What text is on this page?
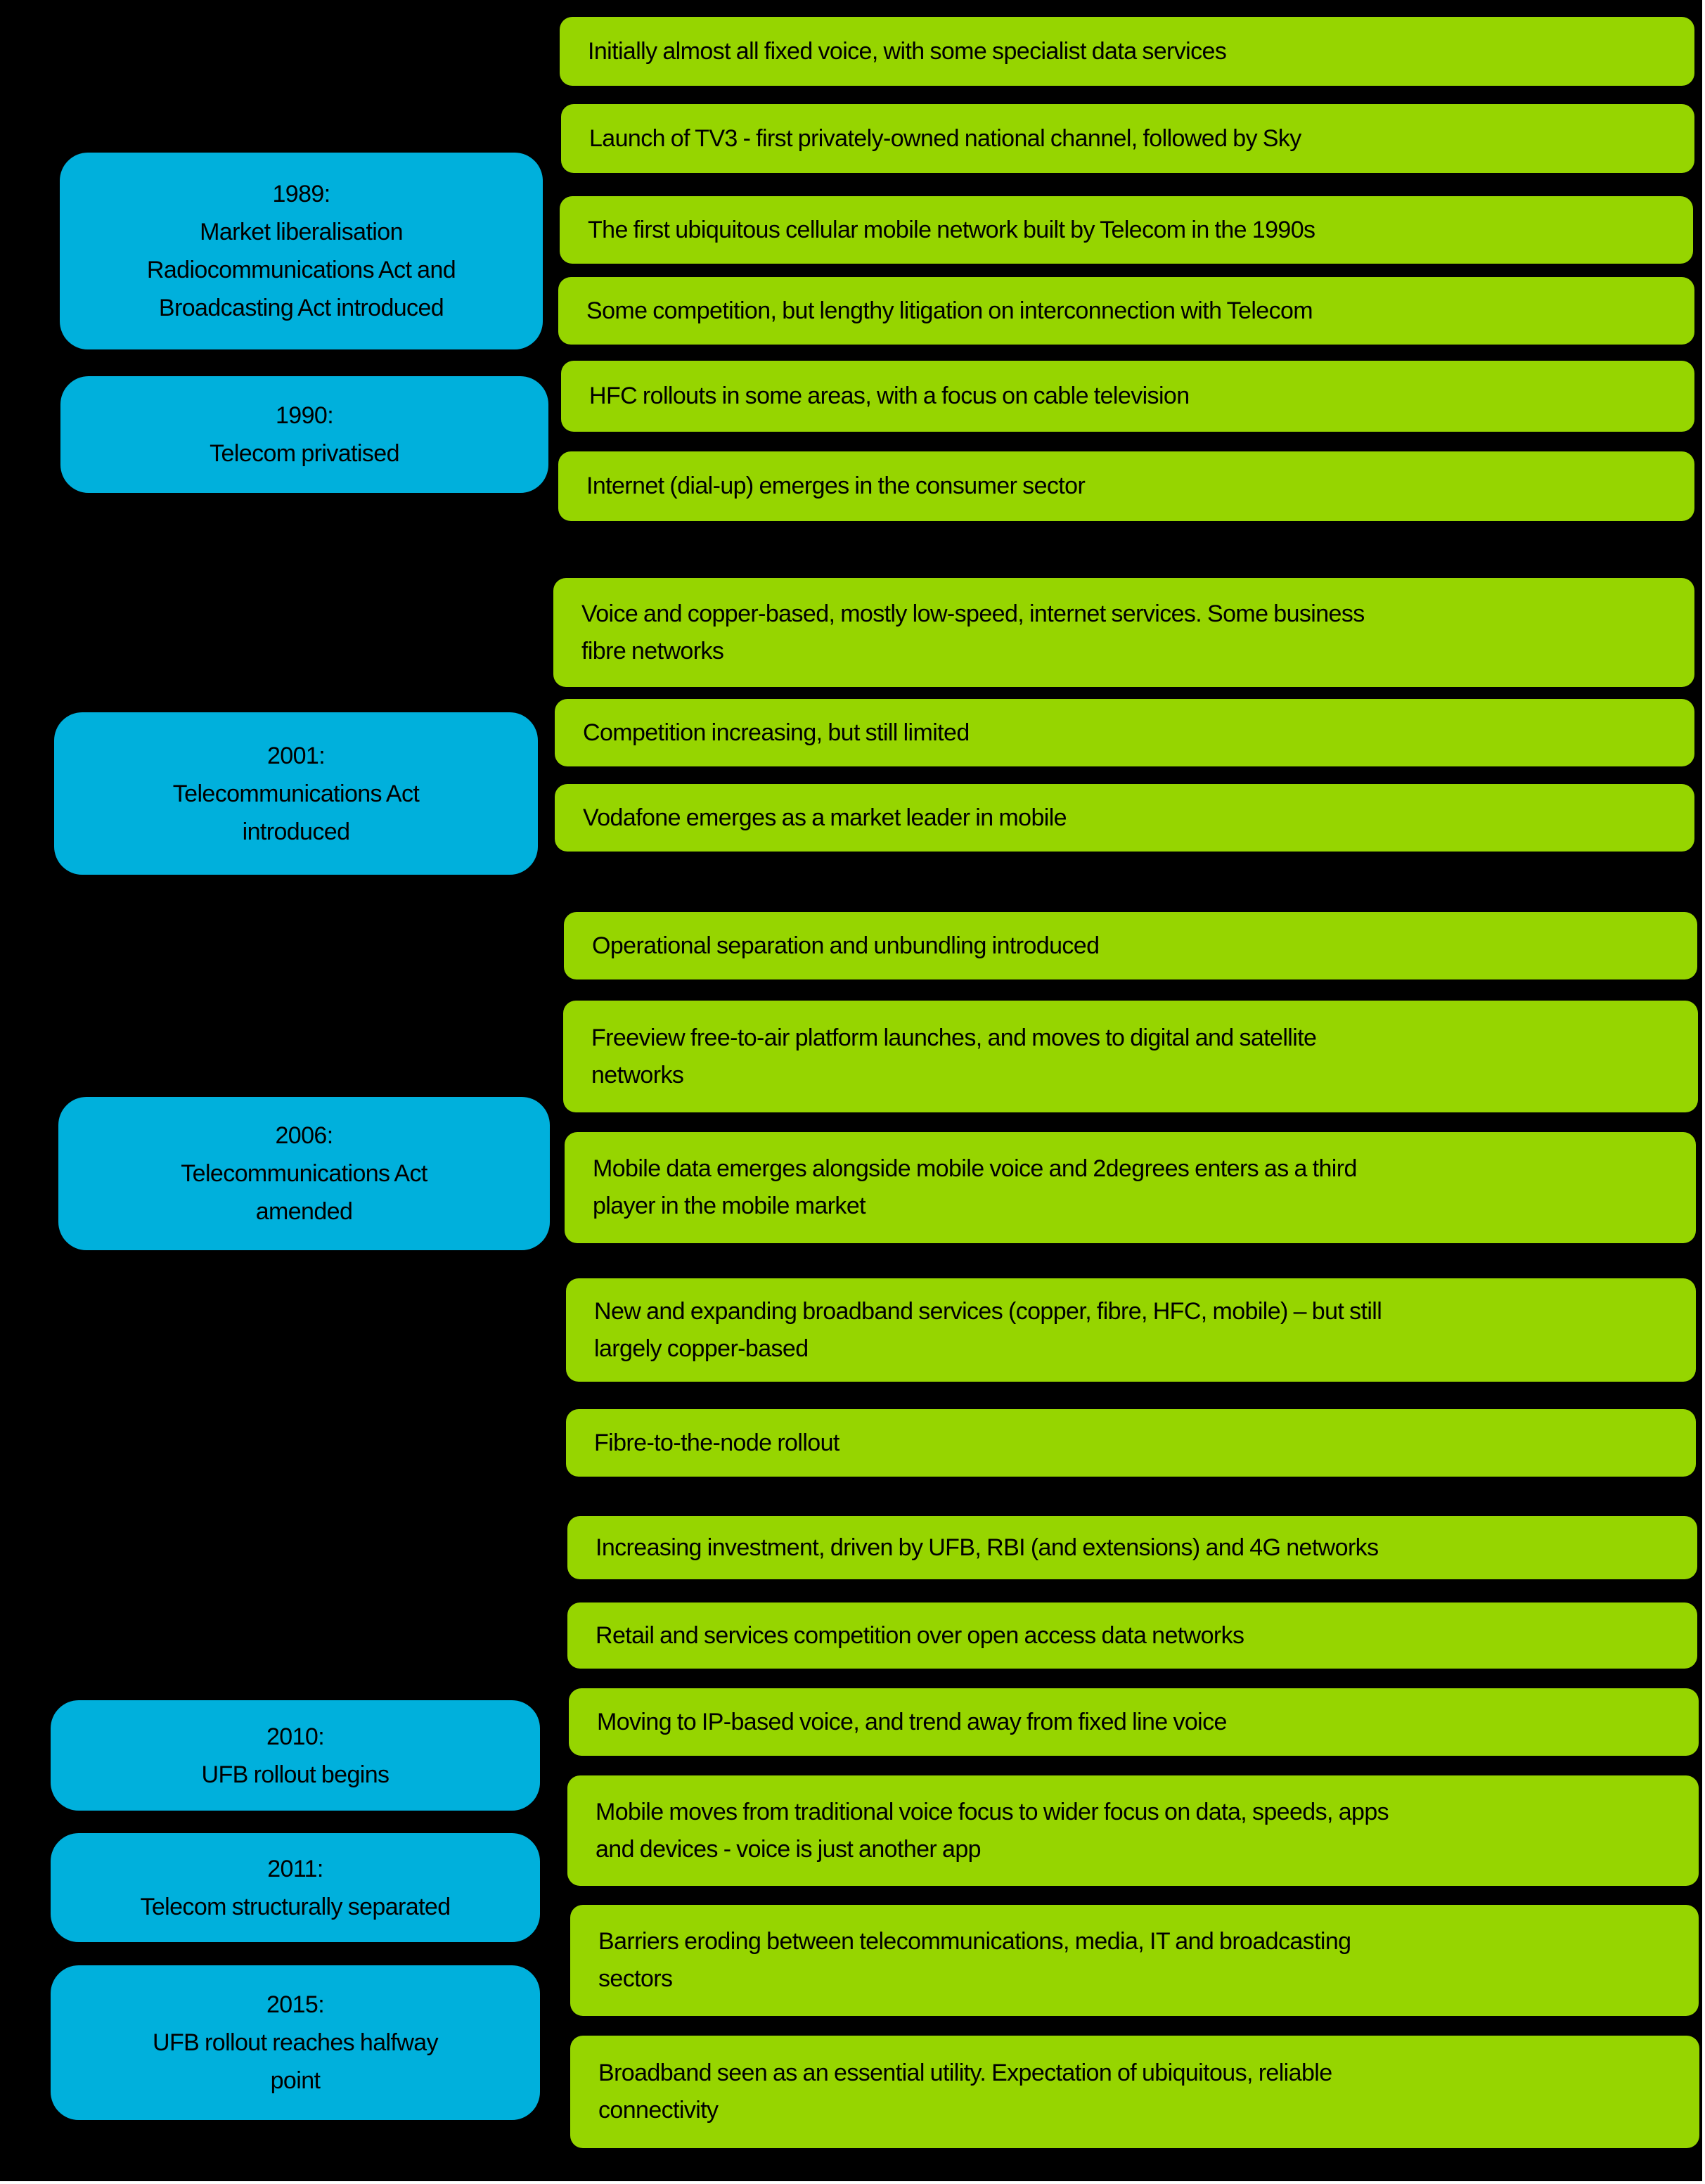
1989:
Market liberalisation
Radiocommunications Act and
Broadcasting Act introduced
1990:
Telecom privatised
2001:
Telecommunications Act
introduced
2006:
Telecommunications Act
amended
2010:
UFB rollout begins
2011:
Telecom structurally separated
2015:
UFB rollout reaches halfway
point
Initially almost all fixed voice, with some specialist data services
Launch of TV3 - first privately-owned national channel, followed by Sky
The first ubiquitous cellular mobile network built by Telecom in the 1990s
Some competition, but lengthy litigation on interconnection with Telecom
HFC rollouts in some areas, with a focus on cable television
Internet (dial-up) emerges in the consumer sector
Voice and copper-based, mostly low-speed, internet services. Some business
fibre networks
Competition increasing, but still limited
Vodafone emerges as a market leader in mobile
Operational separation and unbundling introduced
Freeview free-to-air platform launches, and moves to digital and satellite
networks
Mobile data emerges alongside mobile voice and 2degrees enters as a third
player in the mobile market
New and expanding broadband services (copper, fibre, HFC, mobile) – but still
largely copper-based
Fibre-to-the-node rollout
Increasing investment, driven by UFB, RBI (and extensions) and 4G networks
Retail and services competition over open access data networks
Moving to IP-based voice, and trend away from fixed line voice
Mobile moves from traditional voice focus to wider focus on data, speeds, apps
and devices - voice is just another app
Barriers eroding between telecommunications, media, IT and broadcasting
sectors
Broadband seen as an essential utility. Expectation of ubiquitous, reliable
connectivity
